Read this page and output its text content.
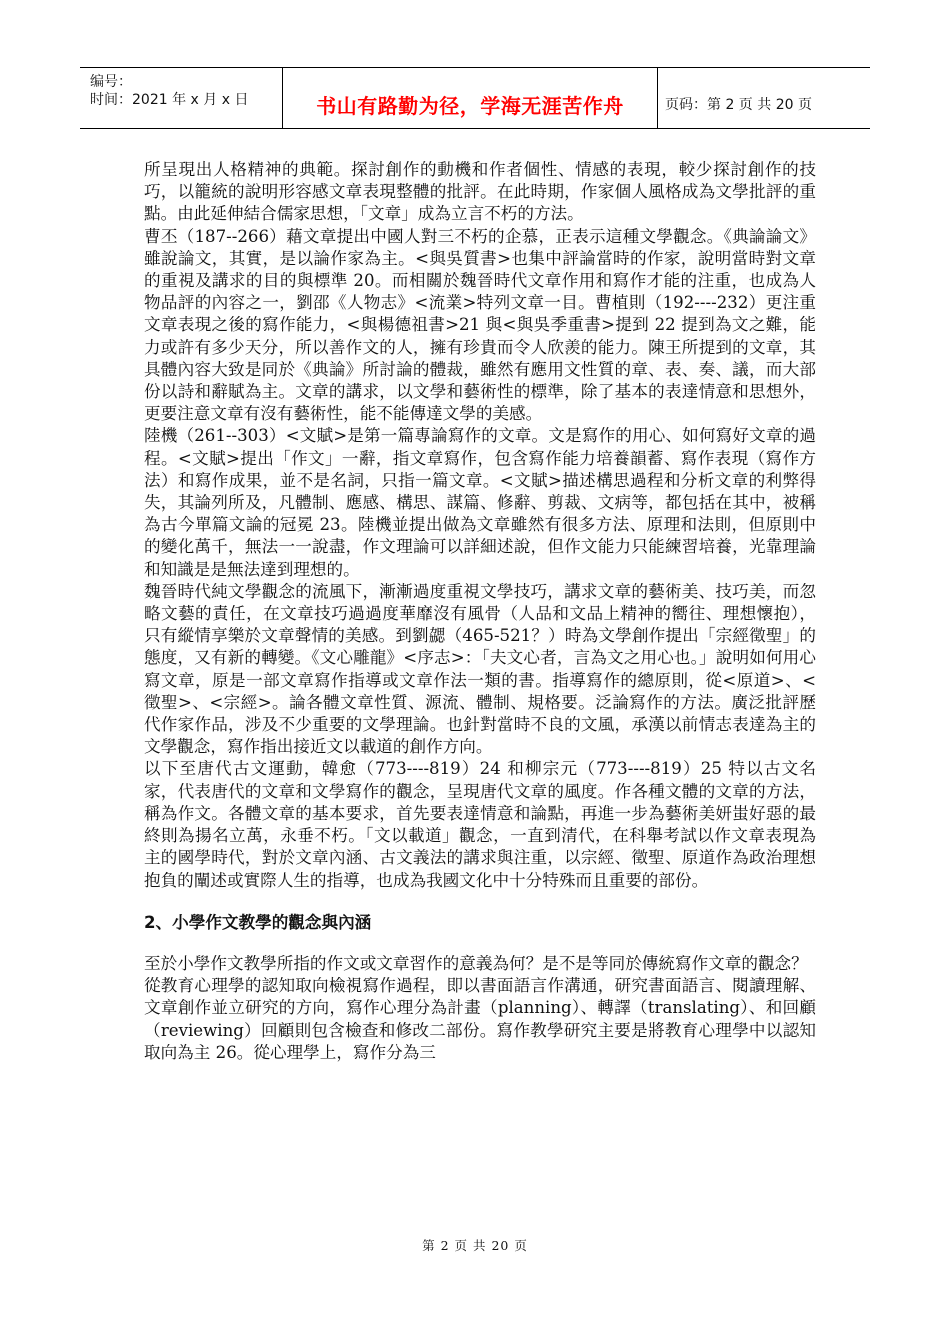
编号：
时间：2021 年 x 月 x 日	书山有路勤为径，学海无涯苦作舟	页码：第 2 页 共 20 页

所呈現出人格精神的典範。探討創作的動機和作者個性、情感的表現，較少探討創作的技巧，以籠統的說明形容感文章表現整體的批評。在此時期，作家個人風格成為文學批評的重點。由此延伸結合儒家思想，「文章」成為立言不朽的方法。

曹丕（187--266）藉文章提出中國人對三不朽的企慕，正表示這種文學觀念。《典論論文》雖說論文，其實，是以論作家為主。<與吳質書>也集中評論當時的作家，說明當時對文章的重視及講求的目的與標準 20。而相關於魏晉時代文章作用和寫作才能的注重，也成為人物品評的內容之一，劉邵《人物志》<流業>特列文章一目。曹植則（192----232）更注重文章表現之後的寫作能力，<與楊德祖書>21 與<與吳季重書>提到 22 提到為文之難，能力或許有多少天分，所以善作文的人，擁有珍貴而令人欣羨的能力。陳王所提到的文章，其具體內容大致是同於《典論》所討論的體裁，雖然有應用文性質的章、表、奏、議，而大部份以詩和辭賦為主。文章的講求，以文學和藝術性的標準，除了基本的表達情意和思想外，更要注意文章有沒有藝術性，能不能傳達文學的美感。

陸機（261--303）<文賦>是第一篇專論寫作的文章。文是寫作的用心、如何寫好文章的過程。<文賦>提出「作文」一辭，指文章寫作，包含寫作能力培養韻蓄、寫作表現（寫作方法）和寫作成果，並不是名詞，只指一篇文章。<文賦>描述構思過程和分析文章的利弊得失，其論列所及，凡體制、應感、構思、謀篇、修辭、剪裁、文病等，都包括在其中，被稱為古今單篇文論的冠冕 23。陸機並提出做為文章雖然有很多方法、原理和法則，但原則中的變化萬千，無法一一說盡，作文理論可以詳細述說，但作文能力只能練習培養，光靠理論和知識是是無法達到理想的。

魏晉時代純文學觀念的流風下，漸漸過度重視文學技巧，講求文章的藝術美、技巧美，而忽略文藝的責任，在文章技巧過過度華靡沒有風骨（人品和文品上精神的嚮往、理想懷抱），只有縱情享樂於文章聲情的美感。到劉勰（465-521？）時為文學創作提出「宗經徵聖」的態度，又有新的轉變。《文心雕龍》<序志>：「夫文心者，言為文之用心也。」說明如何用心寫文章，原是一部文章寫作指導或文章作法一類的書。指導寫作的總原則，從<原道>、<徵聖>、<宗經>。論各體文章性質、源流、體制、規格要。泛論寫作的方法。廣泛批評歷代作家作品，涉及不少重要的文學理論。也針對當時不良的文風，承漢以前情志表達為主的文學觀念，寫作指出接近文以載道的創作方向。

以下至唐代古文運動，韓愈（773----819）24 和柳宗元（773----819）25 特以古文名家，代表唐代的文章和文學寫作的觀念，呈現唐代文章的風度。作各種文體的文章的方法，稱為作文。各體文章的基本要求，首先要表達情意和論點，再進一步為藝術美妍蚩好惡的最終則為揚名立萬，永垂不朽。「文以載道」觀念，一直到清代，在科舉考試以作文章表現為主的國學時代，對於文章內涵、古文義法的講求與注重，以宗經、徵聖、原道作為政治理想抱負的闡述或實際人生的指導，也成為我國文化中十分特殊而且重要的部份。

2、小學作文教學的觀念與內涵

至於小學作文教學所指的作文或文章習作的意義為何？是不是等同於傳統寫作文章的觀念？

從教育心理學的認知取向檢視寫作過程，即以書面語言作溝通，研究書面語言、閱讀理解、文章創作並立研究的方向，寫作心理分為計畫（planning）、轉譯（translating）、和回顧（reviewing）回顧則包含檢查和修改二部份。寫作教學研究主要是將教育心理學中以認知取向為主 26。從心理學上，寫作分為三

第 2 页 共 20 页
